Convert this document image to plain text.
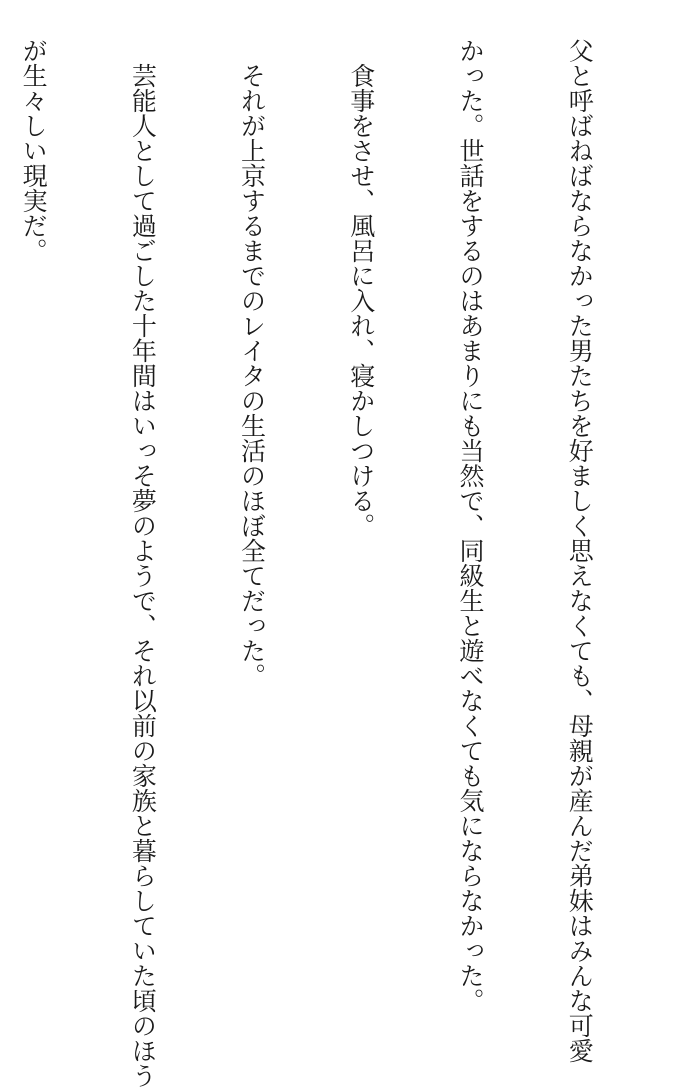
父と呼ばねばならなかった男たちを好ましく思えなくても、母親が産んだ弟妹はみんな可愛

かった。世話をするのはあまりにも当然で、同級生と遊べなくても気にならなかった。

　食事をさせ、風呂に入れ、寝かしつける。

　それが上京するまでのレイタの生活のほぼ全てだった。

　芸能人として過ごした十年間はいっそ夢のようで、それ以前の家族と暮らしていた頃のほう

が生々しい現実だ。
